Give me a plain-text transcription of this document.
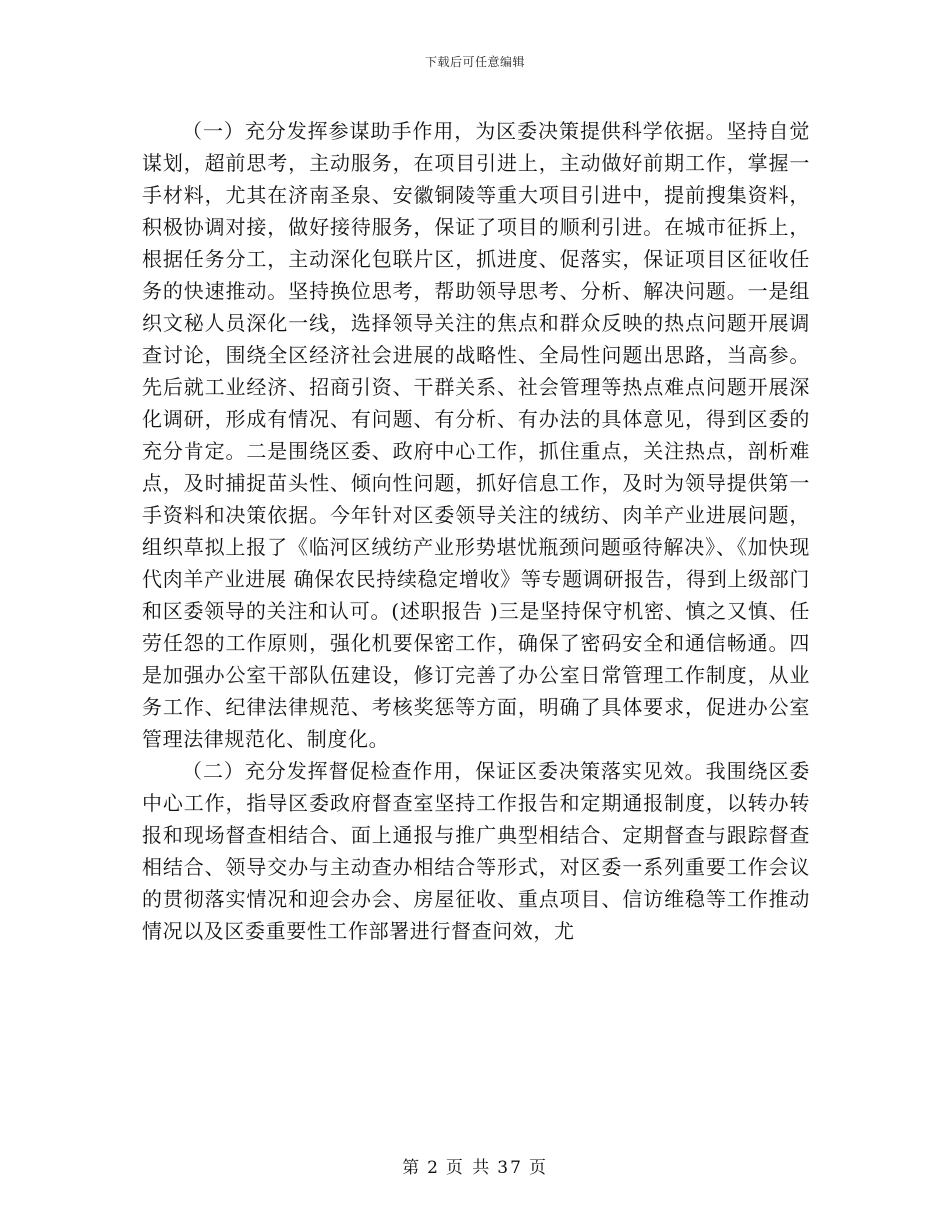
下载后可任意编辑

（一）充分发挥参谋助手作用，为区委决策提供科学依据。坚持自觉谋划，超前思考，主动服务，在项目引进上，主动做好前期工作，掌握一手材料，尤其在济南圣泉、安徽铜陵等重大项目引进中，提前搜集资料，积极协调对接，做好接待服务，保证了项目的顺利引进。在城市征拆上，根据任务分工，主动深化包联片区，抓进度、促落实，保证项目区征收任务的快速推动。坚持换位思考，帮助领导思考、分析、解决问题。一是组织文秘人员深化一线，选择领导关注的焦点和群众反映的热点问题开展调查讨论，围绕全区经济社会进展的战略性、全局性问题出思路，当高参。先后就工业经济、招商引资、干群关系、社会管理等热点难点问题开展深化调研，形成有情况、有问题、有分析、有办法的具体意见，得到区委的充分肯定。二是围绕区委、政府中心工作，抓住重点，关注热点，剖析难点，及时捕捉苗头性、倾向性问题，抓好信息工作，及时为领导提供第一手资料和决策依据。今年针对区委领导关注的绒纺、肉羊产业进展问题，组织草拟上报了《临河区绒纺产业形势堪忧瓶颈问题亟待解决》、《加快现代肉羊产业进展 确保农民持续稳定增收》等专题调研报告，得到上级部门和区委领导的关注和认可。(述职报告 )三是坚持保守机密、慎之又慎、任劳任怨的工作原则，强化机要保密工作，确保了密码安全和通信畅通。四是加强办公室干部队伍建设，修订完善了办公室日常管理工作制度，从业务工作、纪律法律规范、考核奖惩等方面，明确了具体要求，促进办公室管理法律规范化、制度化。

（二）充分发挥督促检查作用，保证区委决策落实见效。我围绕区委中心工作，指导区委政府督查室坚持工作报告和定期通报制度，以转办转报和现场督查相结合、面上通报与推广典型相结合、定期督查与跟踪督查相结合、领导交办与主动查办相结合等形式，对区委一系列重要工作会议的贯彻落实情况和迎会办会、房屋征收、重点项目、信访维稳等工作推动情况以及区委重要性工作部署进行督查问效，尤

第 2 页 共 37 页
